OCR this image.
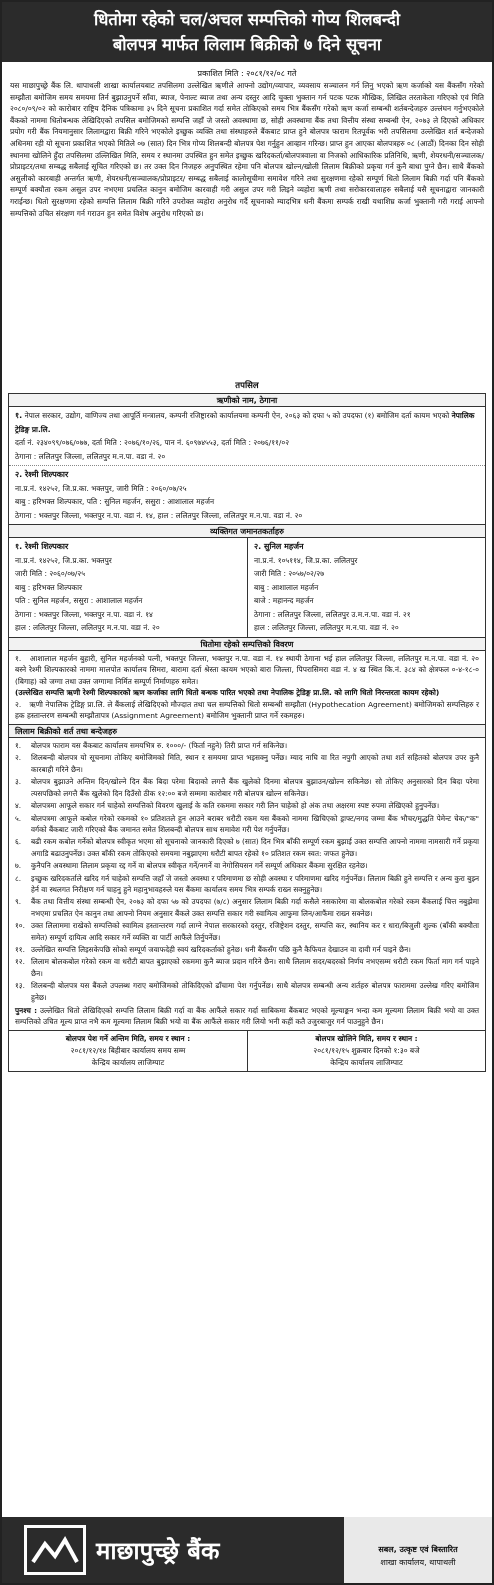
धितोमा रहेको चल/अचल सम्पत्तिको गोप्य शिलबन्दी
बोलपत्र मार्फत लिलाम बिक्रीको ७ दिने सूचना
प्रकाशित मिति : २०८१/१२/०८ गते
यस माछापुच्छ्रे बैंक लि. थापाथली शाखा कार्यालयबाट तपसिलमा उल्लेखित ऋणीले आफ्नो उद्योग/व्यापार, व्यवसाय सञ्चालन गर्न लिनु भएको ऋण कर्जाको यस बैंकसँग गरेको सम्झौता बमोजिम समय समयमा तिर्न बुझाउनुपर्ने साँवा, ब्याज, पेनाल्ट ब्याज तथा अन्य दस्तुर आदि चुक्ता भुक्तान गर्न पटक पटक मौखिक, लिखित तरताकेता गरिएको एवं मिति २०८०/०९/०२ को कारोबार राष्ट्रिय दैनिक पत्रिकामा ३५ दिने सूचना प्रकाशित गर्दा समेत तोकिएको समय भित्र बैंकसँग गरेको ऋण कर्जा सम्बन्धी शर्तबन्देजहरु उल्लंघन गर्नुभएकोले बैंकको नाममा धितोबन्धक लेखिदिएको तपसिल बमोजिमको सम्पत्ति जहाँ जे जस्तो अवस्थामा छ, सोही अवस्थामा बैंक तथा वित्तीय संस्था सम्बन्धी ऐन, २०७३ ले दिएको अधिकार प्रयोग गरी बैंक नियमानुसार लिलामद्वारा बिक्री गरिने भएकोले इच्छुक व्यक्ति तथा संस्थाहरुले बैंकबाट प्राप्त हुने बोलपत्र फाराम रितपूर्वक भरी तपसिलमा उल्लेखित शर्त बन्देजको अधिनमा रही यो सूचना प्रकाशित भएको मितिले ०७ (सात) दिन भित्र गोप्य शिलबन्दी बोलपत्र पेश गर्नुहुन आव्हान गरिन्छ। प्राप्त हुन आएका बोलपत्रहरु ०८ (आठौं) दिनका दिन सोही स्थानमा खोलिने हुँदा तपसिलमा उल्लिखित मिति, समय र स्थानमा उपस्थित हुन समेत इच्छुक खरिदकर्ता/बोलपत्रवाला वा निजको आधिकारिक प्रतिनिधि, ऋणी, शेयरधनी/सञ्चालक/प्रोप्राइटर/तथा सम्बद्ध सबैलाई सूचित गरिएको छ। तर उक्त दिन निजहरु अनुपस्थित रहेमा पनि बोलपत्र खोल्न/खोली लिलाम बिक्रीको प्रकृया गर्न कुनै बाधा पुग्ने छैन। साथै बैंकको असुलीको कारबाही अन्तर्गत ऋणी, शेयरधनी/सञ्चालक/प्रोप्राइटर/ सम्बद्ध सबैलाई कालोसूचीमा समावेश गरिने तथा सुरक्षणमा रहेको सम्पूर्ण धितो लिलाम बिक्री गर्दा पनि बैंकको सम्पूर्ण बक्यौता रकम असुल उपर नभएमा प्रचलित कानुन बमोजिम कारवाही गरी असुल उपर गरी लिइने व्यहोरा ऋणी तथा सरोकारवालाहरु सबैलाई यसै सूचनाद्वारा जानकारी गराईन्छ। धितो सुरक्षणमा रहेको सम्पत्ति लिलाम बिक्री गरिने उपरोक्त व्यहोरा अनुरोध गर्दै सूचनाको म्यादभित्र धनी बैंकमा सम्पर्क राखी यथाशिघ्र कर्जा भुक्तानी गरी गराई आफ्नो सम्पत्तिको उचित संरक्षण गर्न गराउन हुन समेत विशेष अनुरोध गरिएको छ।
तपसिल
ऋणीको नाम, ठेगाना
१. नेपाल सरकार, उद्योग, वाणिज्य तथा आपूर्ति मन्त्रालय, कम्पनी रजिष्ट्रारको कार्यालयमा कम्पनी ऐन, २०६३ को दफा ५ को उपदफा (१) बमोजिम दर्ता कायम भएको नेपालिक ट्रेडिङ्ग प्रा.लि.
दर्ता नं. २३४०९९/०७६/०७७, दर्ता मिति : २०७६/१०/२६, पान नं. ६०९७४५५३, दर्ता मिति : २०७६/११/०२
ठेगाना : ललितपुर जिल्ला, ललितपुर म.न.पा. वडा नं. २०
२. रेश्मी शिल्पकार
ना.प्र.नं. १४२५२, जि.प्र.का. भक्तपुर, जारी मिति : २०६०/०७/२५
बाबु : हरिभक्त शिल्पकार, पति : सुनिल महर्जन, ससुरा : आशालाल महर्जन
ठेगाना : भक्तपुर जिल्ला, भक्तपुर न.पा. वडा नं. १४, हाल : ललितपुर जिल्ला, ललितपुर म.न.पा. वडा नं. २०
व्यक्तिगत जमानतकर्ताहरु
१. रेश्मी शिल्पकार
ना.प्र.नं. १४२५२, जि.प्र.का. भक्तपुर
जारी मिति : २०६०/०७/२५
बाबु : हरिभक्त शिल्पकार
पति : सुनिल महर्जन, ससुरा : आशालाल महर्जन
ठेगाना : भक्तपुर जिल्ला, भक्तपुर न.पा. वडा नं. १४
हाल : ललितपुर जिल्ला, ललितपुर म.न.पा. वडा नं. २०
२. सुनिल महर्जन
ना.प्र.नं. १०५११४, जि.प्र.का. ललितपुर
जारी मिति : २०५७/०२/२७
बाबु : आशालाल महर्जन
बाजे : महानन्द महर्जन
ठेगाना : ललितपुर जिल्ला, ललितपुर उ.म.न.पा. वडा नं. २१
हाल : ललितपुर जिल्ला, ललितपुर म.न.पा. वडा नं. २०
धितोमा रहेको सम्पत्तिको विवरण
१. आशालाल महर्जन बुहारी, सुनिल महर्जनको पत्नी, भक्तपुर जिल्ला, भक्तपुर न.पा. वडा नं. १४ स्थायी ठेगाना भई हाल ललितपुर जिल्ला, ललितपुर म.न.पा. वडा नं. २० बस्ने रेश्मी शिल्पकारको नाममा मालपोत कार्यालय सिमरा, बारामा दर्ता श्रेस्ता कायम भएको बारा जिल्ला, पिपरासिमरा वडा नं. ४ ख स्थित कि.नं. ३८४ को क्षेत्रफल ०-४-१८-० (बिगाह) को जग्गा तथा उक्त जग्गामा निर्मित सम्पूर्ण निर्माणहरु समेत।
(उल्लेखित सम्पत्ति ऋणी रेश्मी शिल्पकारको ऋण कर्जाका लागि धितो बन्धक पारित भएको तथा नेपालिक ट्रेडिङ्ग प्रा.लि. को लागि धितो निरन्तरता कायम रहेको)
२. ऋणी नेपालिक ट्रेडिङ्ग प्रा.लि. ले बैंकलाई लेखिदिएको मौज्दात तथा चल सम्पत्तिको धितो सम्बन्धी सम्झौता (Hypothecation Agreement) बमोजिमको सम्पत्तिहरु र हक हस्तान्तरण सम्बन्धी सम्झौतापत्र (Assignment Agreement) बमोजिम भुक्तानी प्राप्त गर्ने रकमहरु।
लिलाम बिक्रीको शर्त तथा बन्देजहरु
१.	बोलपत्र फाराम यस बैंकबाट कार्यालय समयभित्र रु. १०००/- (फिर्ता नहुने) तिरी प्राप्त गर्न सकिनेछ।
२.	शिलबन्दी बोलपत्र यो सूचनामा तोकिए बमोजिमको मिति, स्थान र समयमा प्राप्त भइसक्नु पर्नेछ। म्याद नाघि वा रित नपुगी आएको तथा शर्त सहितको बोलपत्र उपर कुनै कारबाही गरिने छैन।
३.	बोलपत्र बुझाउने अन्तिम दिन/खोल्ने दिन बैंक बिदा परेमा बिदाको लगत्तै बैंक खुलेको दिनमा बोलपत्र बुझाउन/खोल्न सकिनेछ। सो तोकिए अनुसारको दिन बिदा परेमा त्यसपछिको लगत्तै बैंक खुलेको दिन दिउँसो ठीक १२:०० बजे सम्ममा कारोबार गरी बोलपत्र खोल्न सकिनेछ।
४.	बोलपत्रमा आफूले सकार गर्न चाहेको सम्पत्तिको विवरण खुलाई के कति रकममा सकार गरी लिन चाहेको हो अंक तथा अक्षरमा स्पष्ट रुपमा लेखिएको हुनुपर्नेछ।
५.	बोलपत्रमा आफूले कबोल गरेको रकमको १० प्रतिशतले हुन आउने बराबर धरौटी रकम यस बैंकको नाममा खिचिएको ड्राफ्ट/नगद जम्मा बैंक भौचर/मुद्धति पेमेन्ट चेक/"क" वर्गको बैंकबाट जारी गरिएको बैंक जमानत समेत शिलबन्दी बोलपत्र साथ समावेश गरी पेश गर्नुपर्नेछ।
६.	बढी रकम कबोल गर्नेको बोलपत्र स्वीकृत भएमा सो सूचनाको जानकारी दिएको ७ (सात) दिन भित्र बाँकी सम्पूर्ण रकम बुझाई उक्त सम्पत्ति आफ्नो नाममा नामसारी गर्ने प्रकृया अगाडि बढाउनुपर्नेछ। उक्त बाँकी रकम तोकिएको समयमा नबुझाएमा धरौटी बापत रहेको १० प्रतिशत रकम स्वत: जफत हुनेछ।
७.	कुनैपनि अवस्थामा लिलाम प्रकृया रद्द गर्ने वा बोलपत्र स्वीकृत गर्ने/नगर्ने वा नेगोसियसन गर्ने सम्पूर्ण अधिकार बैंकमा सुरक्षित रहनेछ।
८.	इच्छुक खरिदकर्ताले खरिद गर्न चाहेको सम्पत्ति जहाँ जे जस्तो अवस्था र परिमाणमा छ सोही अवस्था र परिमाणमा खरिद गर्नुपर्नेछ। लिलाम बिक्री हुने सम्पत्ति र अन्य कुरा बुझ्न हेर्न वा स्थलगत निरीक्षण गर्न चाहनु हुने महानुभावहरुले यस बैंकमा कार्यालय समय भित्र सम्पर्क राख्न सक्नुहुनेछ।
९.	बैंक तथा वित्तीय संस्था सम्बन्धी ऐन, २०७३ को दफा ५७ को उपदफा (७/८) अनुसार लिलाम बिक्री गर्दा कसैले नसकारेमा वा बोलकबोल गरेको रकम बैंकलाई चित्त नबुझेमा नभएमा प्रचलित ऐन कानुन तथा आफ्नो नियम अनुसार बैंकले उक्त सम्पत्ति सकार गरी स्वामित्व आफुमा लिन/आफैंमा राख्न सक्नेछ।
१०. उक्त लिलाममा राखेको सम्पत्तिको स्वामित्व हस्तान्तरण गर्दा लाग्ने नेपाल सरकारको दस्तुर, रजिष्ट्रेशन दस्तुर, सम्पत्ति कर, स्थानिय कर र धारा/बिजुली शुल्क (बाँकी बक्यौता समेत) सम्पूर्ण दायित्व आदि सकार गर्ने व्यक्ति वा पार्टी आफैंले तिर्नुपर्नेछ।
११. उल्लेखित सम्पत्ति लिइसकेपछि सोको सम्पूर्ण जवाफदेही स्वयं खरिदकर्ताको हुनेछ। धनी बैंकसँग पछि कुनै कैफियत देखाउन वा दावी गर्न पाइने छैन।
१२. लिलाम बोलकबोल गरेको रकम वा धरौटी बापत बुझाएको रकममा कुनै ब्याज प्रदान गरिने छैन। साथै लिलाम सदर/बदरको निर्णय नभएसम्म धरौटी रकम फिर्ता माग गर्न पाइने छैन।
१३. शिलबन्दी बोलपत्र यस बैंकले उपलब्ध गराए बमोजिमको तोकिदिएको ढाँचामा पेश गर्नुपर्नेछ। साथै बोलपत्र सम्बन्धी अन्य शर्तहरु बोलपत्र फाराममा उल्लेख गरिए बमोजिम हुनेछ।
पुनश्च : उल्लेखित धितो लेखिदिएको सम्पत्ति लिलाम बिक्री गर्दा वा बैंक आफैंले सकार गर्दा साबिकमा बैंकबाट भएको मूल्याङ्कन भन्दा कम मूल्यमा लिलाम बिक्री भयो वा उक्त सम्पत्तिको उचित मूल्य प्राप्त नभै कम मूल्यमा लिलाम बिक्री भयो वा बैंक आफैंले सकार गरी लियो भनी कहीं कतै उजुरबाजुर गर्न पाउनुहुने छैन।
बोलपत्र पेश गर्ने अन्तिम मिति, समय र स्थान :
२०८१/१२/१४ बिहीबार कार्यालय समय सम्म
केन्द्रिय कार्यालय लाजिम्पाट
बोलपत्र खोलिने मिति, समय र स्थान :
२०८१/१२/१५ शुक्रबार दिनको १:३० बजे
केन्द्रिय कार्यालय लाजिम्पाट
माछापुच्छ्रे बैंक	सबल, उत्कृष्ट एवं बिस्तारित
शाखा कार्यालय, थापाथली
